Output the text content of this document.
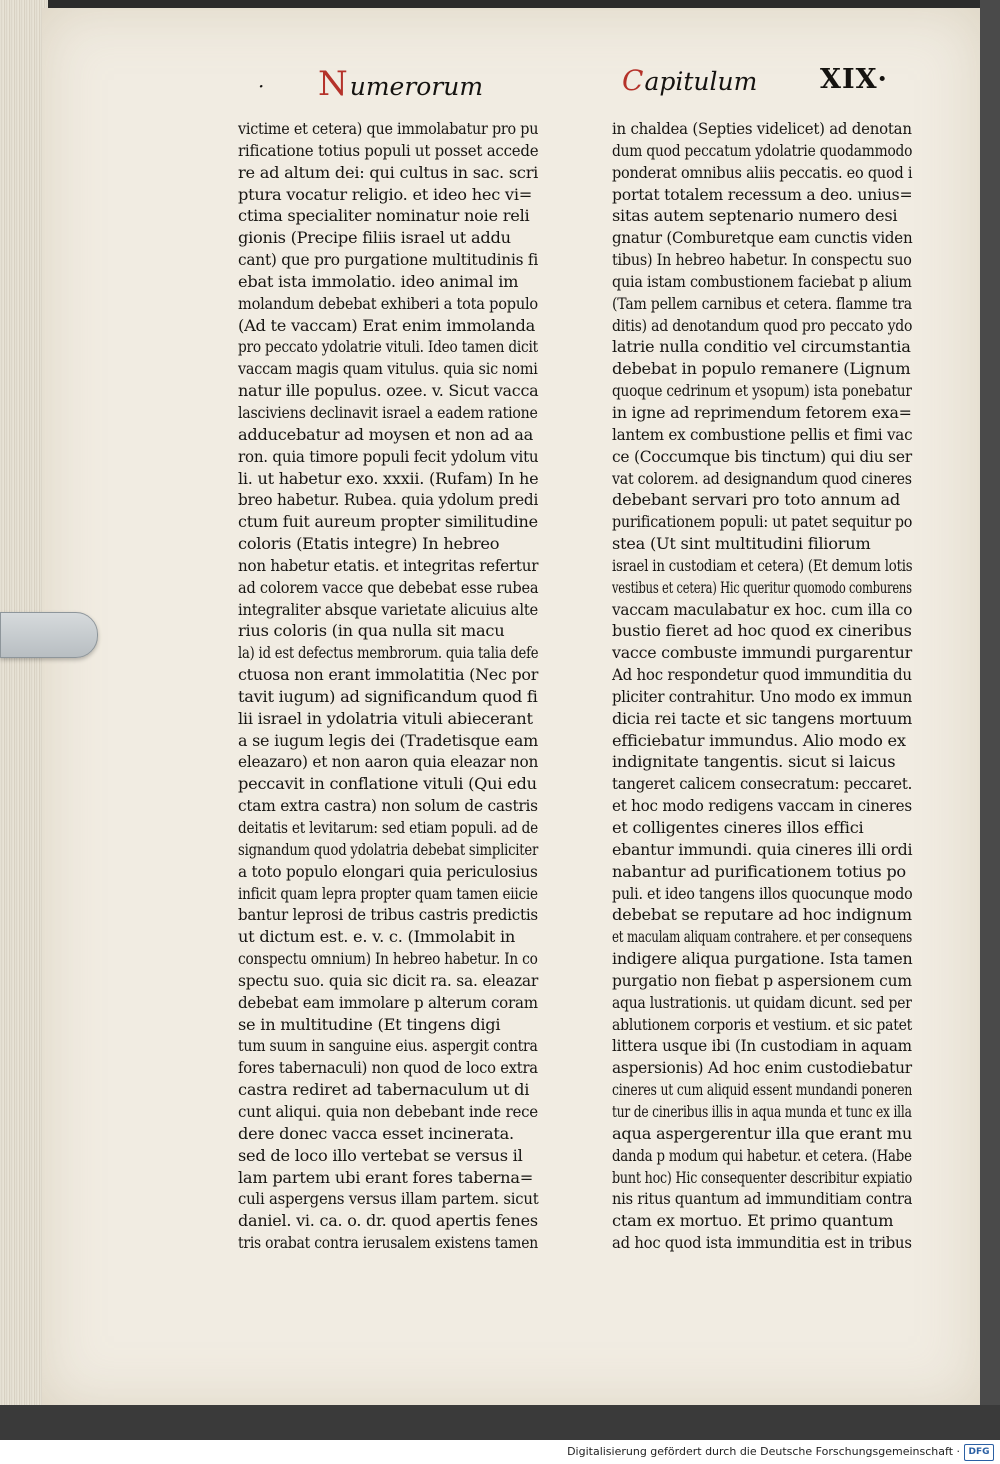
· Numerorum	Capitulum XIX·
victime et cetera) que immolabatur pro pu
rificatione totius populi ut posset accede
re ad altum dei: qui cultus in sac. scri
ptura vocatur religio. et ideo hec vi=
ctima specialiter nominatur noie reli
gionis (Precipe filiis israel ut addu
cant) que pro purgatione multitudinis fi
ebat ista immolatio. ideo animal im
molandum debebat exhiberi a tota populo
(Ad te vaccam) Erat enim immolanda
pro peccato ydolatrie vituli. Ideo tamen dicit
vaccam magis quam vitulus. quia sic nomi
natur ille populus. ozee. v. Sicut vacca
lasciviens declinavit israel a eadem ratione
adducebatur ad moysen et non ad aa
ron. quia timore populi fecit ydolum vitu
li. ut habetur exo. xxxii. (Rufam) In he
breo habetur. Rubea. quia ydolum predi
ctum fuit aureum propter similitudine
coloris (Etatis integre) In hebreo
non habetur etatis. et integritas refertur
ad colorem vacce que debebat esse rubea
integraliter absque varietate alicuius alte
rius coloris (in qua nulla sit macu
la) id est defectus membrorum. quia talia defe
ctuosa non erant immolatitia (Nec por
tavit iugum) ad significandum quod fi
lii israel in ydolatria vituli abiecerant
a se iugum legis dei (Tradetisque eam
eleazaro) et non aaron quia eleazar non
peccavit in conflatione vituli (Qui edu
ctam extra castra) non solum de castris
deitatis et levitarum: sed etiam populi. ad de
signandum quod ydolatria debebat simpliciter
a toto populo elongari quia periculosius
inficit quam lepra propter quam tamen eiicie
bantur leprosi de tribus castris predictis
ut dictum est. e. v. c. (Immolabit in
conspectu omnium) In hebreo habetur. In co
spectu suo. quia sic dicit ra. sa. eleazar
debebat eam immolare p alterum coram
se in multitudine (Et tingens digi
tum suum in sanguine eius. aspergit contra
fores tabernaculi) non quod de loco extra
castra rediret ad tabernaculum ut di
cunt aliqui. quia non debebant inde rece
dere donec vacca esset incinerata.
sed de loco illo vertebat se versus il
lam partem ubi erant fores taberna=
culi aspergens versus illam partem. sicut
daniel. vi. ca. o. dr. quod apertis fenes
tris orabat contra ierusalem existens tamen
in chaldea (Septies videlicet) ad denotan
dum quod peccatum ydolatrie quodammodo
ponderat omnibus aliis peccatis. eo quod i
portat totalem recessum a deo. unius=
sitas autem septenario numero desi
gnatur (Comburetque eam cunctis viden
tibus) In hebreo habetur. In conspectu suo
quia istam combustionem faciebat p alium
(Tam pellem carnibus et cetera. flamme tra
ditis) ad denotandum quod pro peccato ydo
latrie nulla conditio vel circumstantia
debebat in populo remanere (Lignum
quoque cedrinum et ysopum) ista ponebatur
in igne ad reprimendum fetorem exa=
lantem ex combustione pellis et fimi vac
ce (Coccumque bis tinctum) qui diu ser
vat colorem. ad designandum quod cineres
debebant servari pro toto annum ad
purificationem populi: ut patet sequitur po
stea (Ut sint multitudini filiorum
israel in custodiam et cetera) (Et demum lotis
vestibus et cetera) Hic queritur quomodo comburens
vaccam maculabatur ex hoc. cum illa co
bustio fieret ad hoc quod ex cineribus
vacce combuste immundi purgarentur
Ad hoc respondetur quod immunditia du
pliciter contrahitur. Uno modo ex immun
dicia rei tacte et sic tangens mortuum
efficiebatur immundus. Alio modo ex
indignitate tangentis. sicut si laicus
tangeret calicem consecratum: peccaret.
et hoc modo redigens vaccam in cineres
et colligentes cineres illos effici
ebantur immundi. quia cineres illi ordi
nabantur ad purificationem totius po
puli. et ideo tangens illos quocunque modo
debebat se reputare ad hoc indignum
et maculam aliquam contrahere. et per consequens
indigere aliqua purgatione. Ista tamen
purgatio non fiebat p aspersionem cum
aqua lustrationis. ut quidam dicunt. sed per
ablutionem corporis et vestium. et sic patet
littera usque ibi (In custodiam in aquam
aspersionis) Ad hoc enim custodiebatur
cineres ut cum aliquid essent mundandi poneren
tur de cineribus illis in aqua munda et tunc ex illa
aqua aspergerentur illa que erant mu
danda p modum qui habetur. et cetera. (Habe
bunt hoc) Hic consequenter describitur expiatio
nis ritus quantum ad immunditiam contra
ctam ex mortuo. Et primo quantum
ad hoc quod ista immunditia est in tribus
Digitalisierung gefördert durch die Deutsche Forschungsgemeinschaft · DFG
